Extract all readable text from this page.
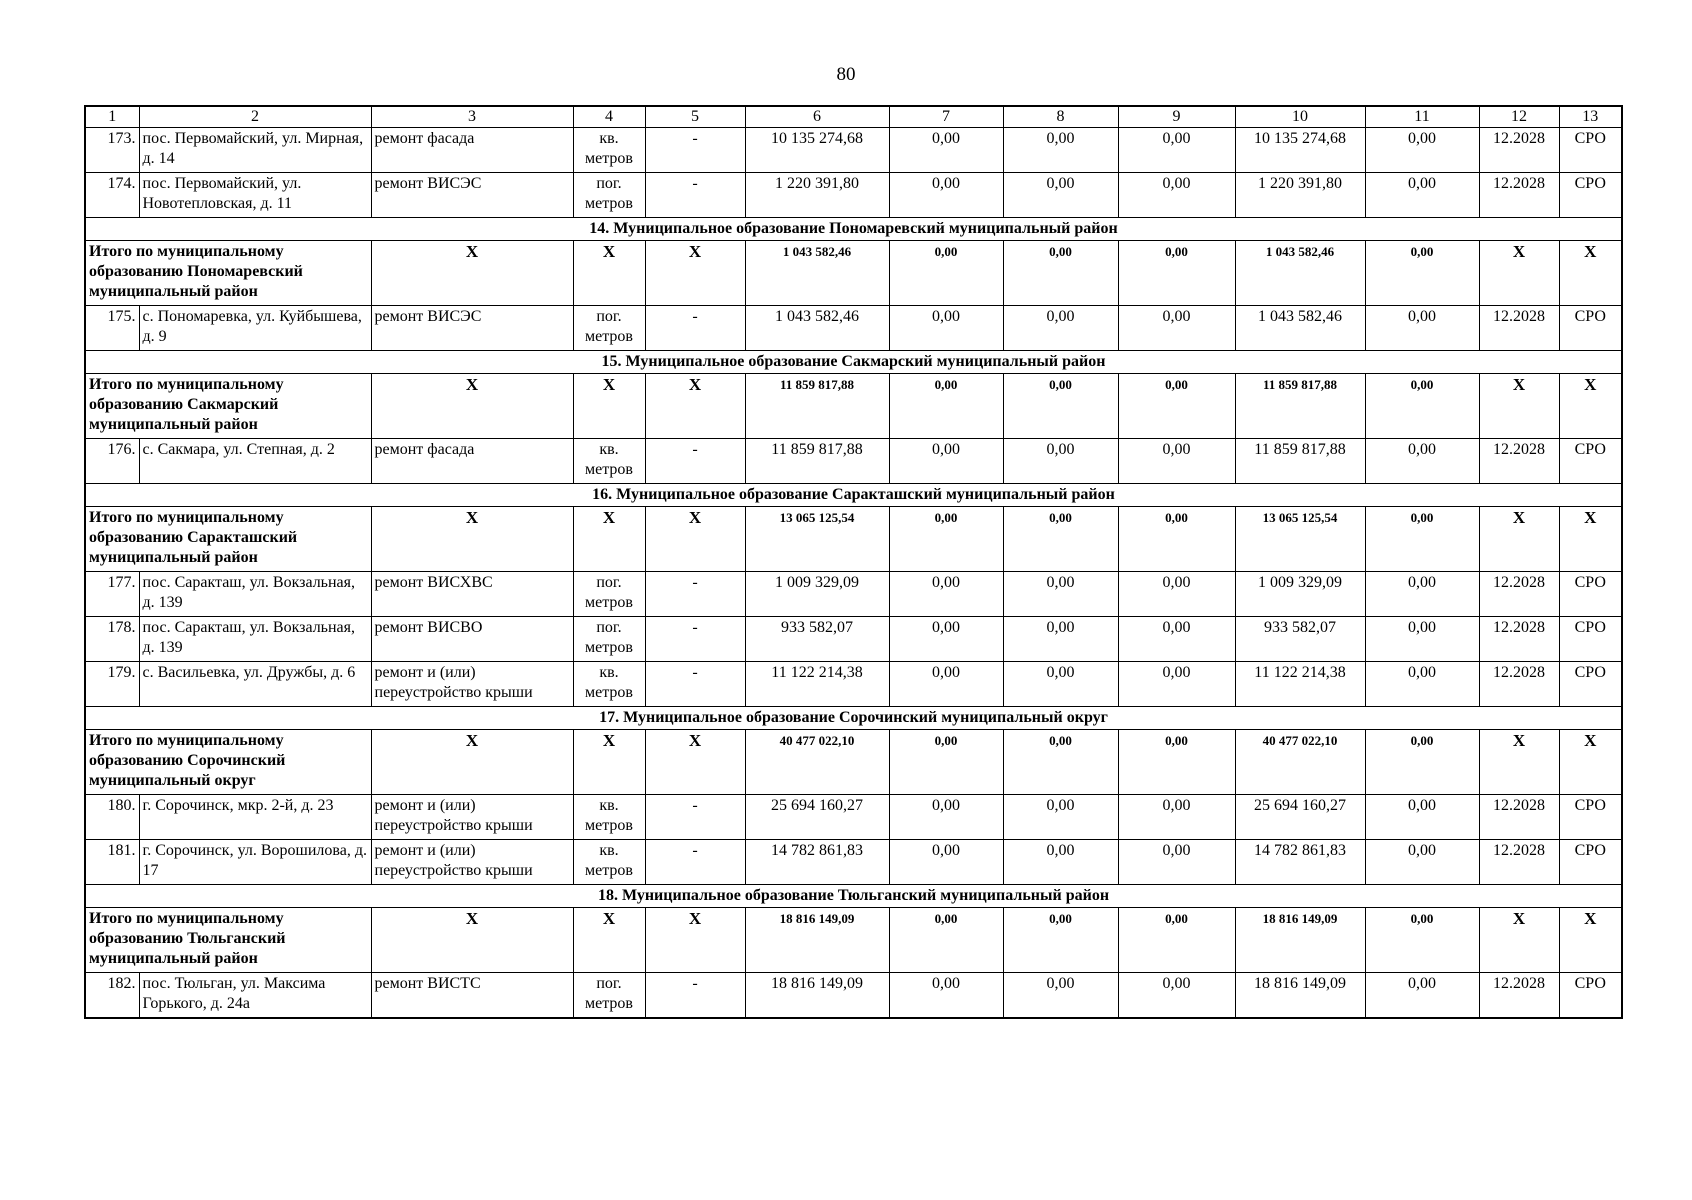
80
1	2	3	4	5	6	7	8	9	10	11	12	13
173.	пос. Первомайский, ул. Мирная, д. 14	ремонт фасада	кв. метров	-	10 135 274,68	0,00	0,00	0,00	10 135 274,68	0,00	12.2028	СРО
174.	пос. Первомайский, ул. Новотепловская, д. 11	ремонт ВИСЭС	пог. метров	-	1 220 391,80	0,00	0,00	0,00	1 220 391,80	0,00	12.2028	СРО
14. Муниципальное образование Пономаревский муниципальный район												
Итого по муниципальному образованию Пономаревский муниципальный район		X	X	X	1 043 582,46	0,00	0,00	0,00	1 043 582,46	0,00	X	X
175.	с. Пономаревка, ул. Куйбышева, д. 9	ремонт ВИСЭС	пог. метров	-	1 043 582,46	0,00	0,00	0,00	1 043 582,46	0,00	12.2028	СРО
15. Муниципальное образование Сакмарский муниципальный район												
Итого по муниципальному образованию Сакмарский муниципальный район		X	X	X	11 859 817,88	0,00	0,00	0,00	11 859 817,88	0,00	X	X
176.	с. Сакмара, ул. Степная, д. 2	ремонт фасада	кв. метров	-	11 859 817,88	0,00	0,00	0,00	11 859 817,88	0,00	12.2028	СРО
16. Муниципальное образование Саракташский муниципальный район												
Итого по муниципальному образованию Саракташский муниципальный район		X	X	X	13 065 125,54	0,00	0,00	0,00	13 065 125,54	0,00	X	X
177.	пос. Саракташ, ул. Вокзальная, д. 139	ремонт ВИСХВС	пог. метров	-	1 009 329,09	0,00	0,00	0,00	1 009 329,09	0,00	12.2028	СРО
178.	пос. Саракташ, ул. Вокзальная, д. 139	ремонт ВИСВО	пог. метров	-	933 582,07	0,00	0,00	0,00	933 582,07	0,00	12.2028	СРО
179.	с. Васильевка, ул. Дружбы, д. 6	ремонт и (или) переустройство крыши	кв. метров	-	11 122 214,38	0,00	0,00	0,00	11 122 214,38	0,00	12.2028	СРО
17. Муниципальное образование Сорочинский муниципальный округ												
Итого по муниципальному образованию Сорочинский муниципальный округ		X	X	X	40 477 022,10	0,00	0,00	0,00	40 477 022,10	0,00	X	X
180.	г. Сорочинск, мкр. 2-й, д. 23	ремонт и (или) переустройство крыши	кв. метров	-	25 694 160,27	0,00	0,00	0,00	25 694 160,27	0,00	12.2028	СРО
181.	г. Сорочинск, ул. Ворошилова, д. 17	ремонт и (или) переустройство крыши	кв. метров	-	14 782 861,83	0,00	0,00	0,00	14 782 861,83	0,00	12.2028	СРО
18. Муниципальное образование Тюльганский муниципальный район												
Итого по муниципальному образованию Тюльганский муниципальный район		X	X	X	18 816 149,09	0,00	0,00	0,00	18 816 149,09	0,00	X	X
182.	пос. Тюльган, ул. Максима Горького, д. 24а	ремонт ВИСТС	пог. метров	-	18 816 149,09	0,00	0,00	0,00	18 816 149,09	0,00	12.2028	СРО
